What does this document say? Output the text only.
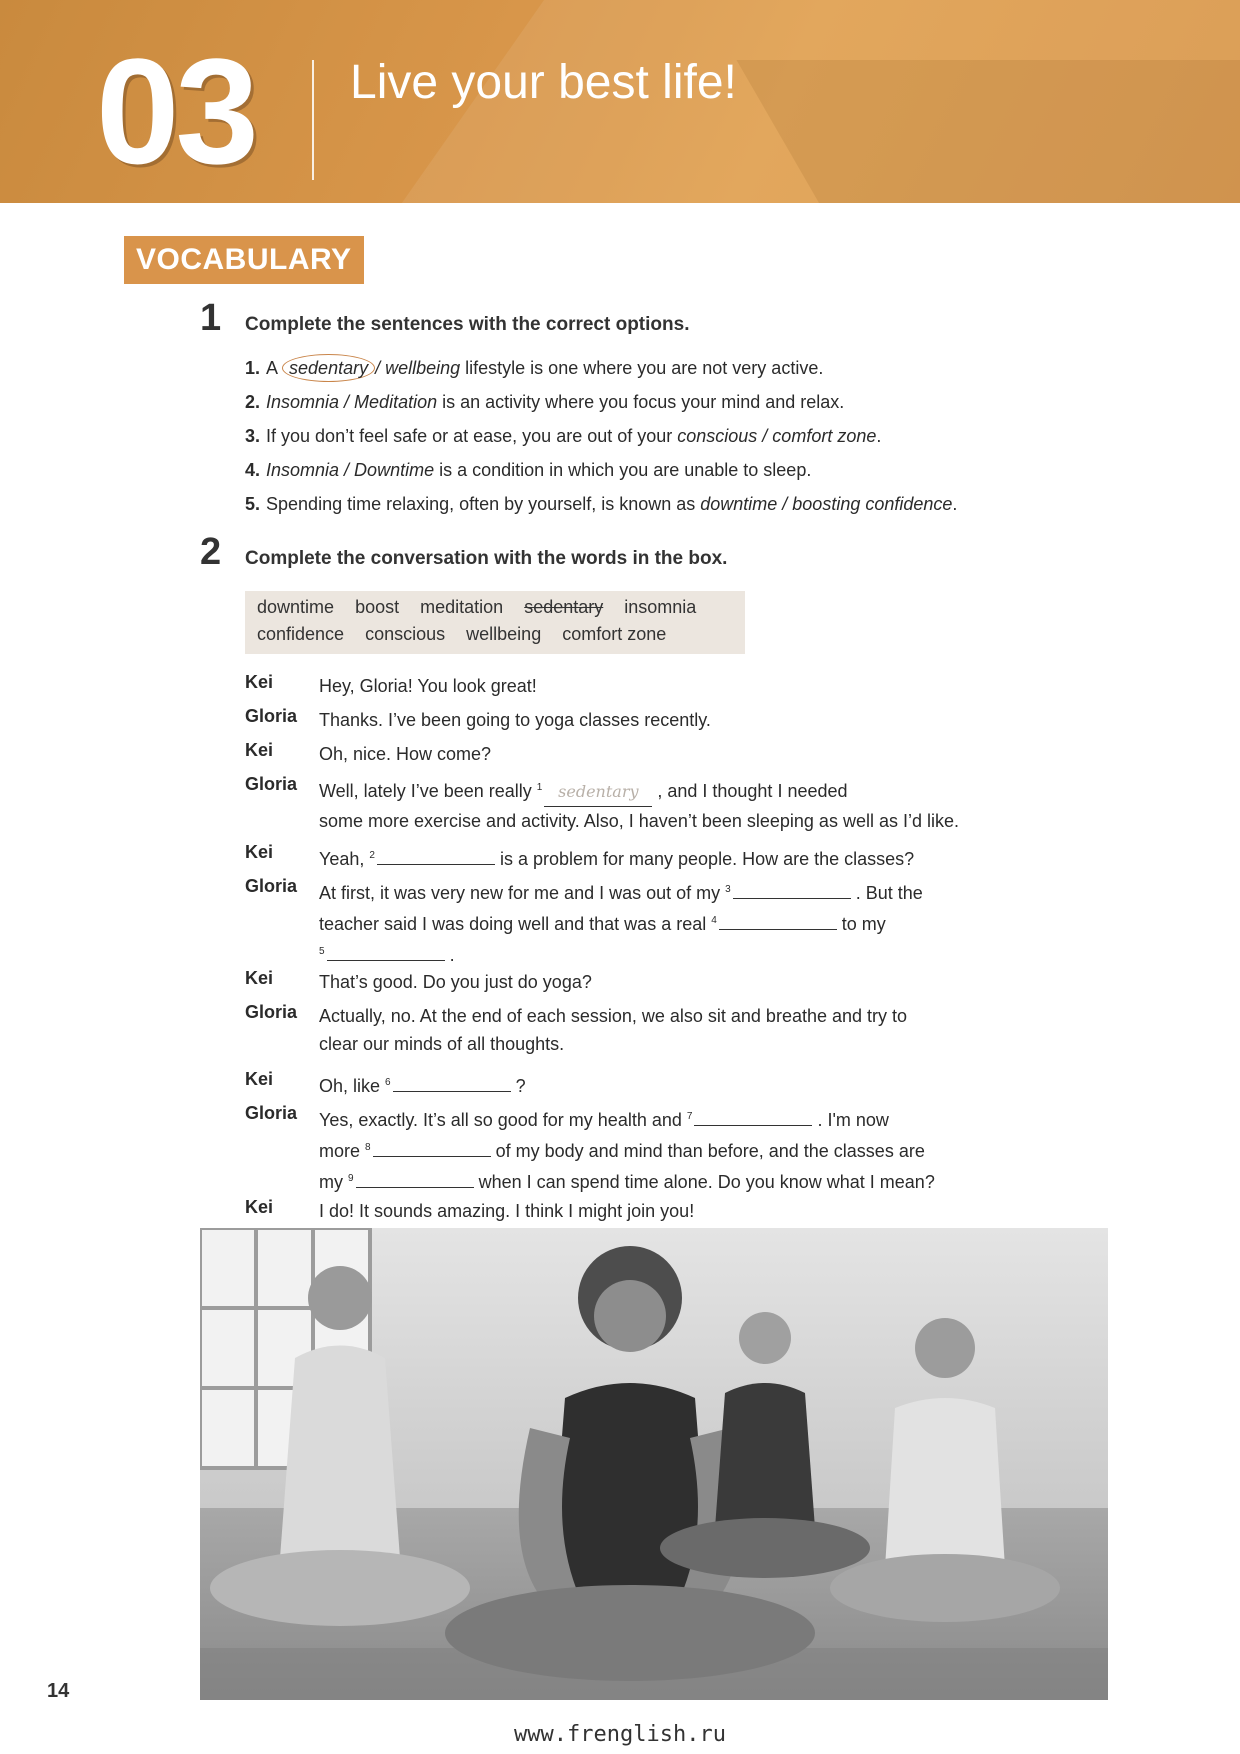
03 Live your best life!
VOCABULARY
1 Complete the sentences with the correct options.
1. A sedentary / wellbeing lifestyle is one where you are not very active.
2. Insomnia / Meditation is an activity where you focus your mind and relax.
3. If you don’t feel safe or at ease, you are out of your conscious / comfort zone.
4. Insomnia / Downtime is a condition in which you are unable to sleep.
5. Spending time relaxing, often by yourself, is known as downtime / boosting confidence.
2 Complete the conversation with the words in the box.
downtime boost meditation sedentary insomnia
confidence conscious wellbeing comfort zone
Kei	Hey, Gloria! You look great!
Gloria Thanks. I’ve been going to yoga classes recently.
Kei	Oh, nice. How come?
Gloria Well, lately I’ve been really $^1$ sedentary , and I thought I needed
some more exercise and activity. Also, I haven’t been sleeping as well as I’d like.
Kei	Yeah, $^2$	is a problem for many people. How are the classes?
Gloria At first, it was very new for me and I was out of my $^3$	. But the
teacher said I was doing well and that was a real $^4$	to my
$^5$	.
Kei	That’s good. Do you just do yoga?
Gloria Actually, no. At the end of each session, we also sit and breathe and try to
clear our minds of all thoughts.
Kei	Oh, like $^6$	?
Gloria Yes, exactly. It’s all so good for my health and $^7$	. I'm now
more $^8$	of my body and mind than before, and the classes are
my $^9$	when I can spend time alone. Do you know what I mean?
Kei	I do! It sounds amazing. I think I might join you!
14
www.frenglish.ru
